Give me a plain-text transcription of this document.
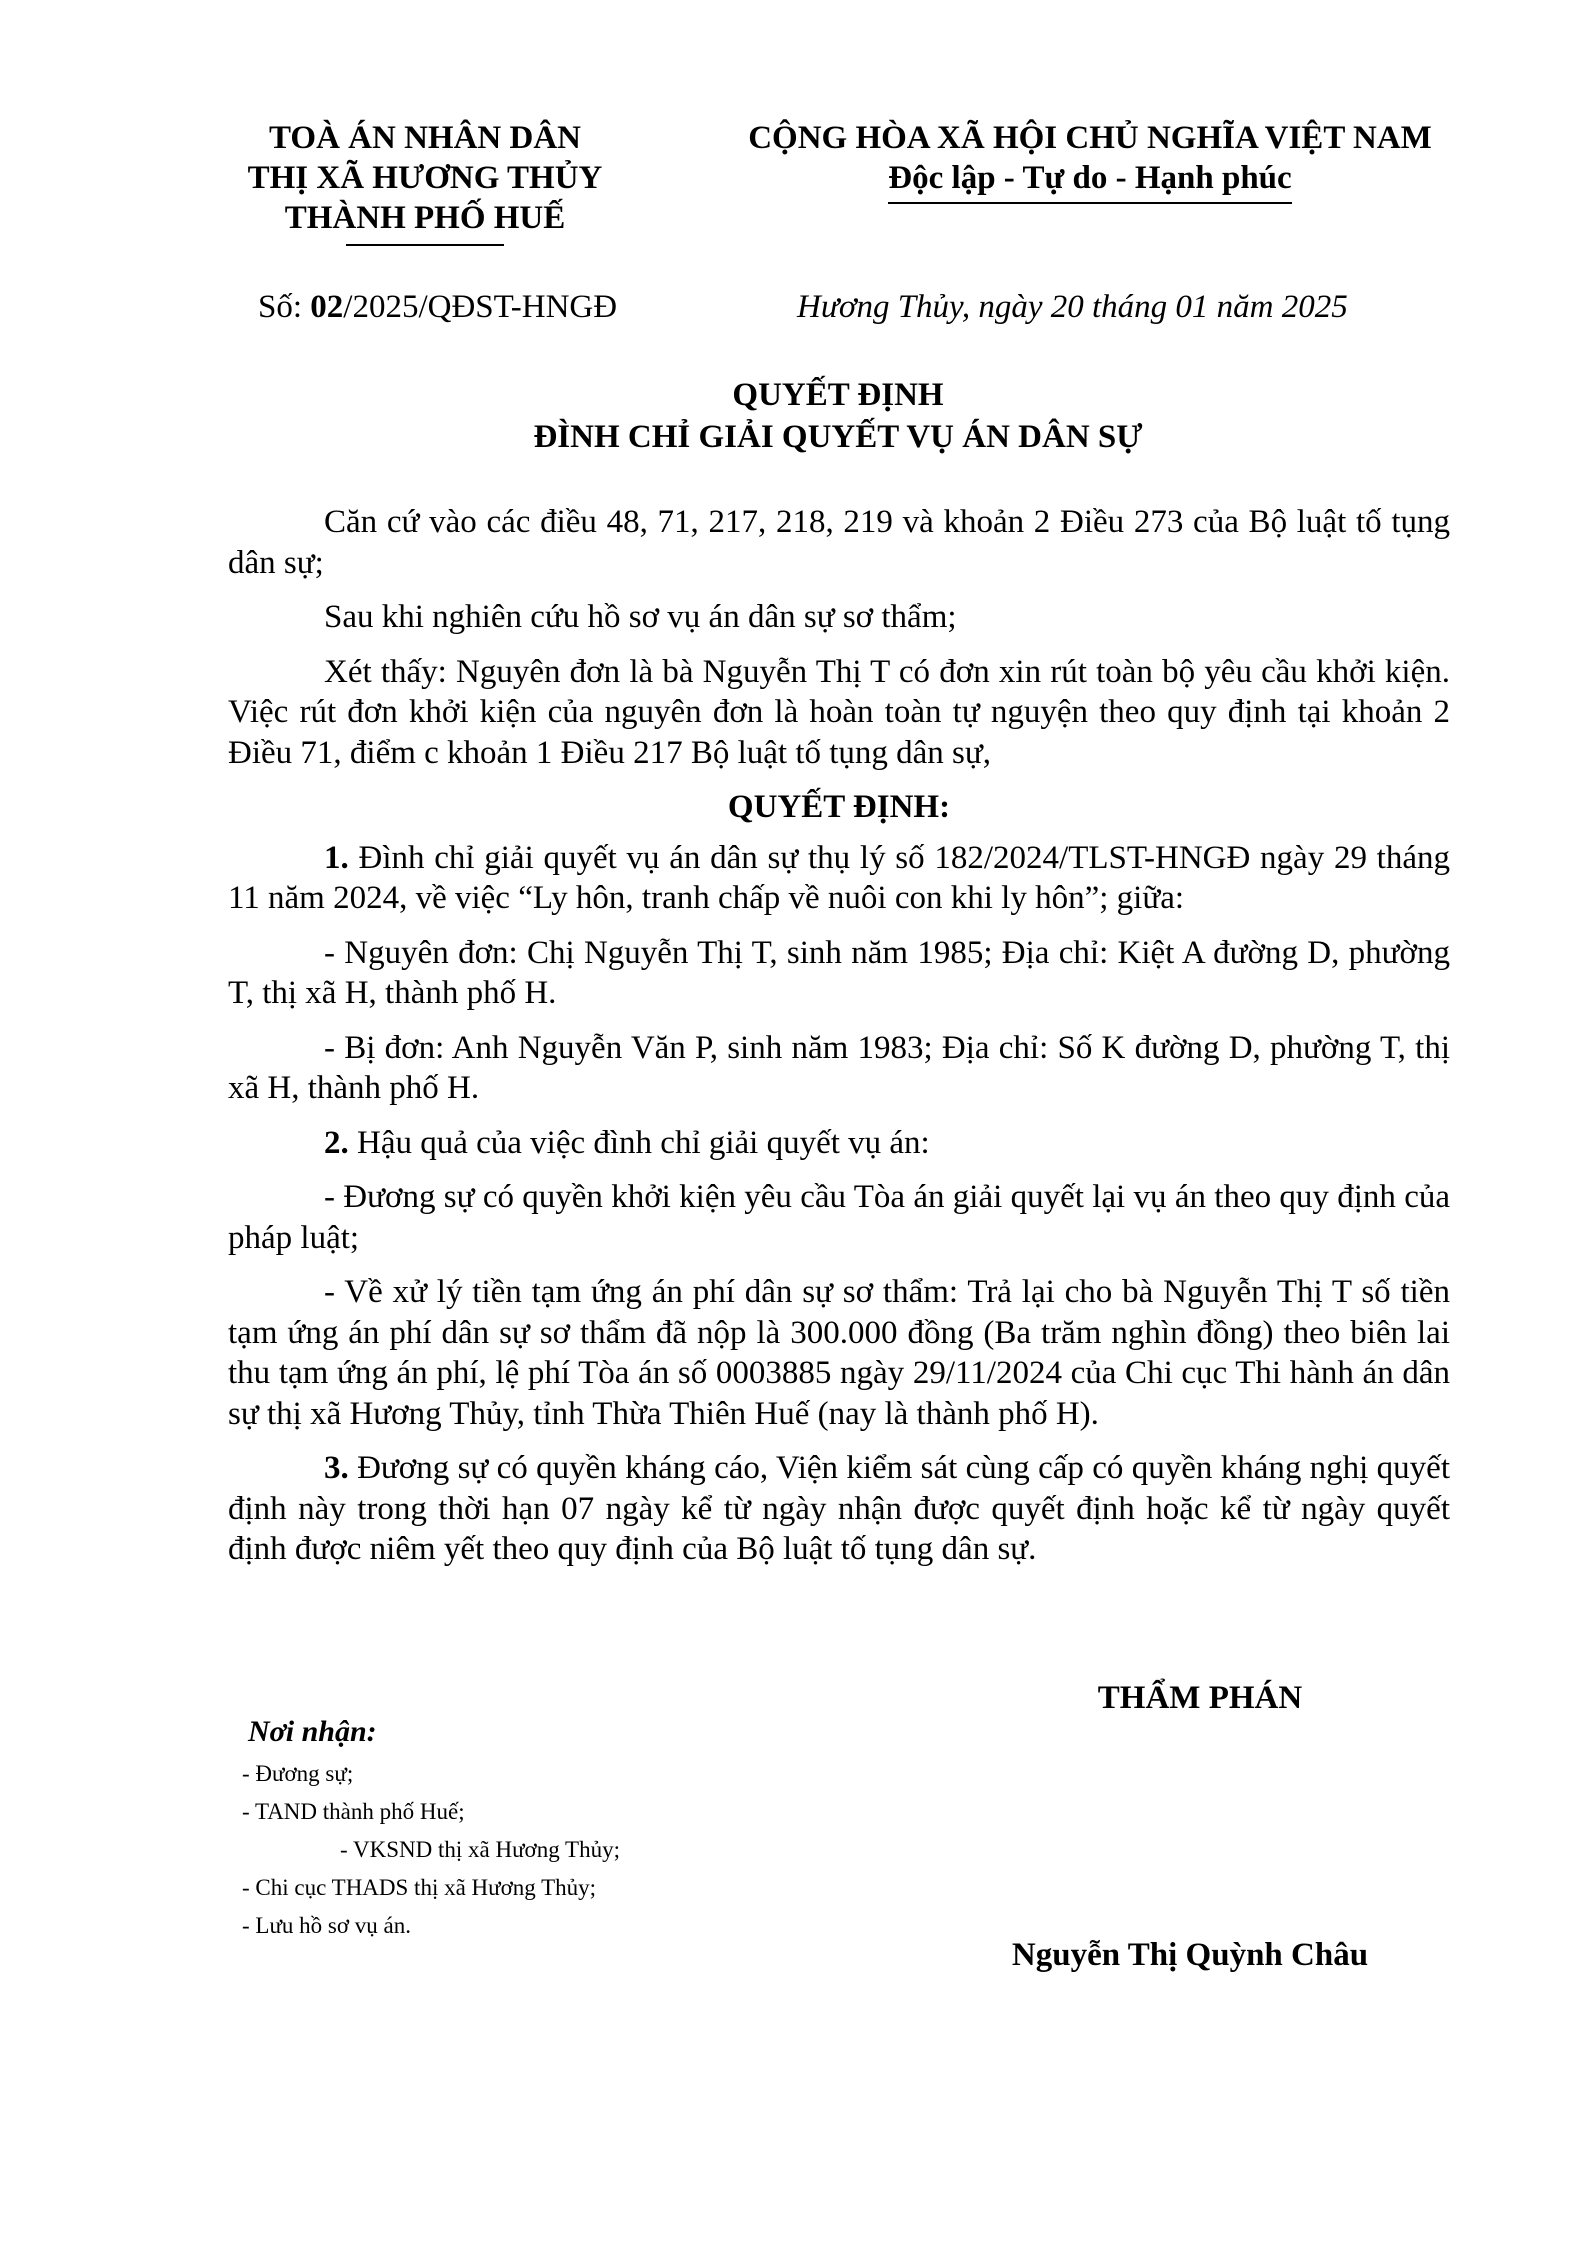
TOÀ ÁN NHÂN DÂN
THỊ XÃ HƯƠNG THỦY
THÀNH PHỐ HUẾ
CỘNG HÒA XÃ HỘI CHỦ NGHĨA VIỆT NAM
Độc lập - Tự do - Hạnh phúc
Số: 02/2025/QĐST-HNGĐ	Hương Thủy, ngày 20 tháng 01 năm 2025
QUYẾT ĐỊNH
ĐÌNH CHỈ GIẢI QUYẾT VỤ ÁN DÂN SỰ

Căn cứ vào các điều 48, 71, 217, 218, 219 và khoản 2 Điều 273 của Bộ luật tố tụng dân sự;

Sau khi nghiên cứu hồ sơ vụ án dân sự sơ thẩm;

Xét thấy: Nguyên đơn là bà Nguyễn Thị T có đơn xin rút toàn bộ yêu cầu khởi kiện. Việc rút đơn khởi kiện của nguyên đơn là hoàn toàn tự nguyện theo quy định tại khoản 2 Điều 71, điểm c khoản 1 Điều 217 Bộ luật tố tụng dân sự,

QUYẾT ĐỊNH:

1. Đình chỉ giải quyết vụ án dân sự thụ lý số 182/2024/TLST-HNGĐ ngày 29 tháng 11 năm 2024, về việc “Ly hôn, tranh chấp về nuôi con khi ly hôn”; giữa:

- Nguyên đơn: Chị Nguyễn Thị T, sinh năm 1985; Địa chỉ: Kiệt A đường D, phường T, thị xã H, thành phố H.

- Bị đơn: Anh Nguyễn Văn P, sinh năm 1983; Địa chỉ: Số K đường D, phường T, thị xã H, thành phố H.

2. Hậu quả của việc đình chỉ giải quyết vụ án:

- Đương sự có quyền khởi kiện yêu cầu Tòa án giải quyết lại vụ án theo quy định của pháp luật;

- Về xử lý tiền tạm ứng án phí dân sự sơ thẩm: Trả lại cho bà Nguyễn Thị T số tiền tạm ứng án phí dân sự sơ thẩm đã nộp là 300.000 đồng (Ba trăm nghìn đồng) theo biên lai thu tạm ứng án phí, lệ phí Tòa án số 0003885 ngày 29/11/2024 của Chi cục Thi hành án dân sự thị xã Hương Thủy, tỉnh Thừa Thiên Huế (nay là thành phố H).

3. Đương sự có quyền kháng cáo, Viện kiểm sát cùng cấp có quyền kháng nghị quyết định này trong thời hạn 07 ngày kể từ ngày nhận được quyết định hoặc kể từ ngày quyết định được niêm yết theo quy định của Bộ luật tố tụng dân sự.

Nơi nhận:
- Đương sự;
- TAND thành phố Huế;
- VKSND thị xã Hương Thủy;
- Chi cục THADS thị xã Hương Thủy;
- Lưu hồ sơ vụ án.
THẨM PHÁN
Nguyễn Thị Quỳnh Châu
